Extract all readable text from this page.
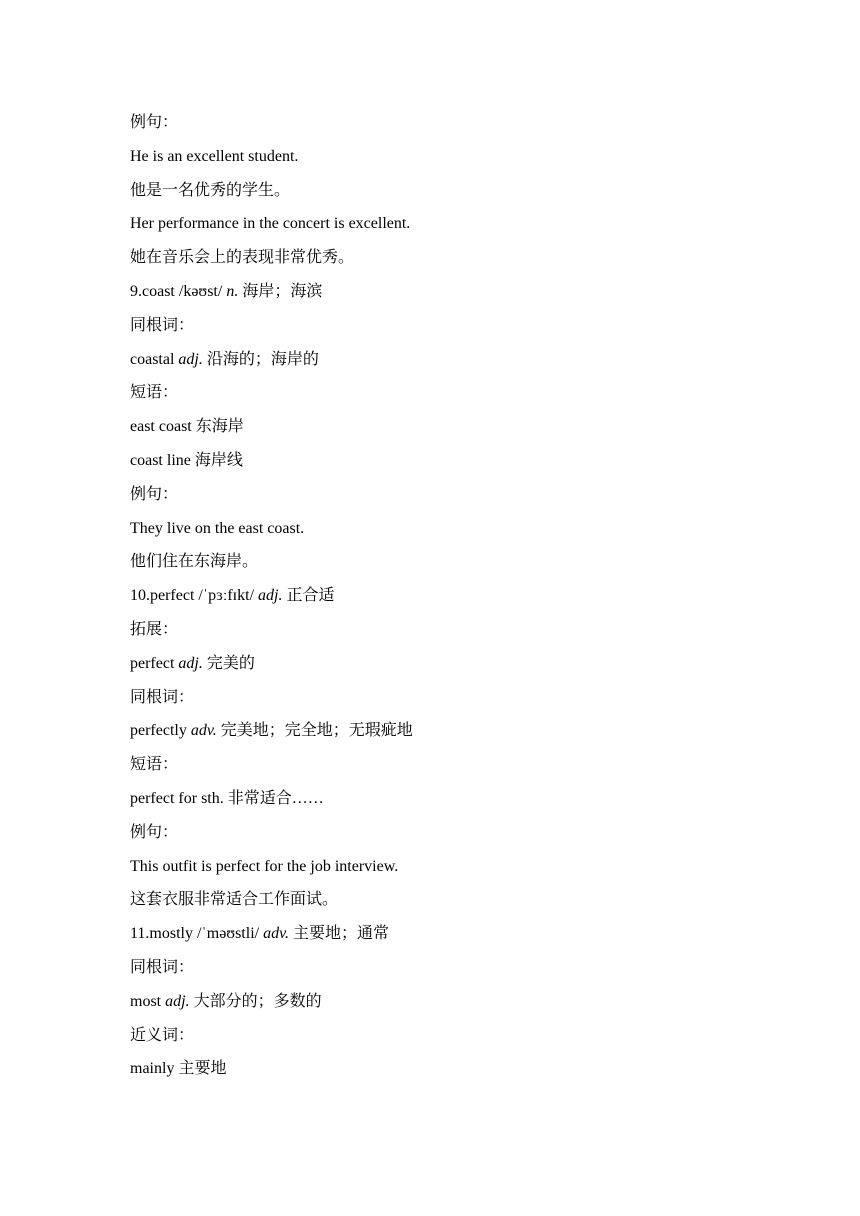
例句：
He is an excellent student.
他是一名优秀的学生。
Her performance in the concert is excellent.
她在音乐会上的表现非常优秀。
9.coast /kəʊst/ n. 海岸；海滨
同根词：
coastal adj. 沿海的；海岸的
短语：
east coast 东海岸
coast line 海岸线
例句：
They live on the east coast.
他们住在东海岸。
10.perfect /ˈpɜːfɪkt/ adj. 正合适
拓展：
perfect adj. 完美的
同根词：
perfectly adv. 完美地；完全地；无瑕疵地
短语：
perfect for sth. 非常适合……
例句：
This outfit is perfect for the job interview.
这套衣服非常适合工作面试。
11.mostly /ˈməʊstli/ adv. 主要地；通常
同根词：
most adj. 大部分的；多数的
近义词：
mainly 主要地
